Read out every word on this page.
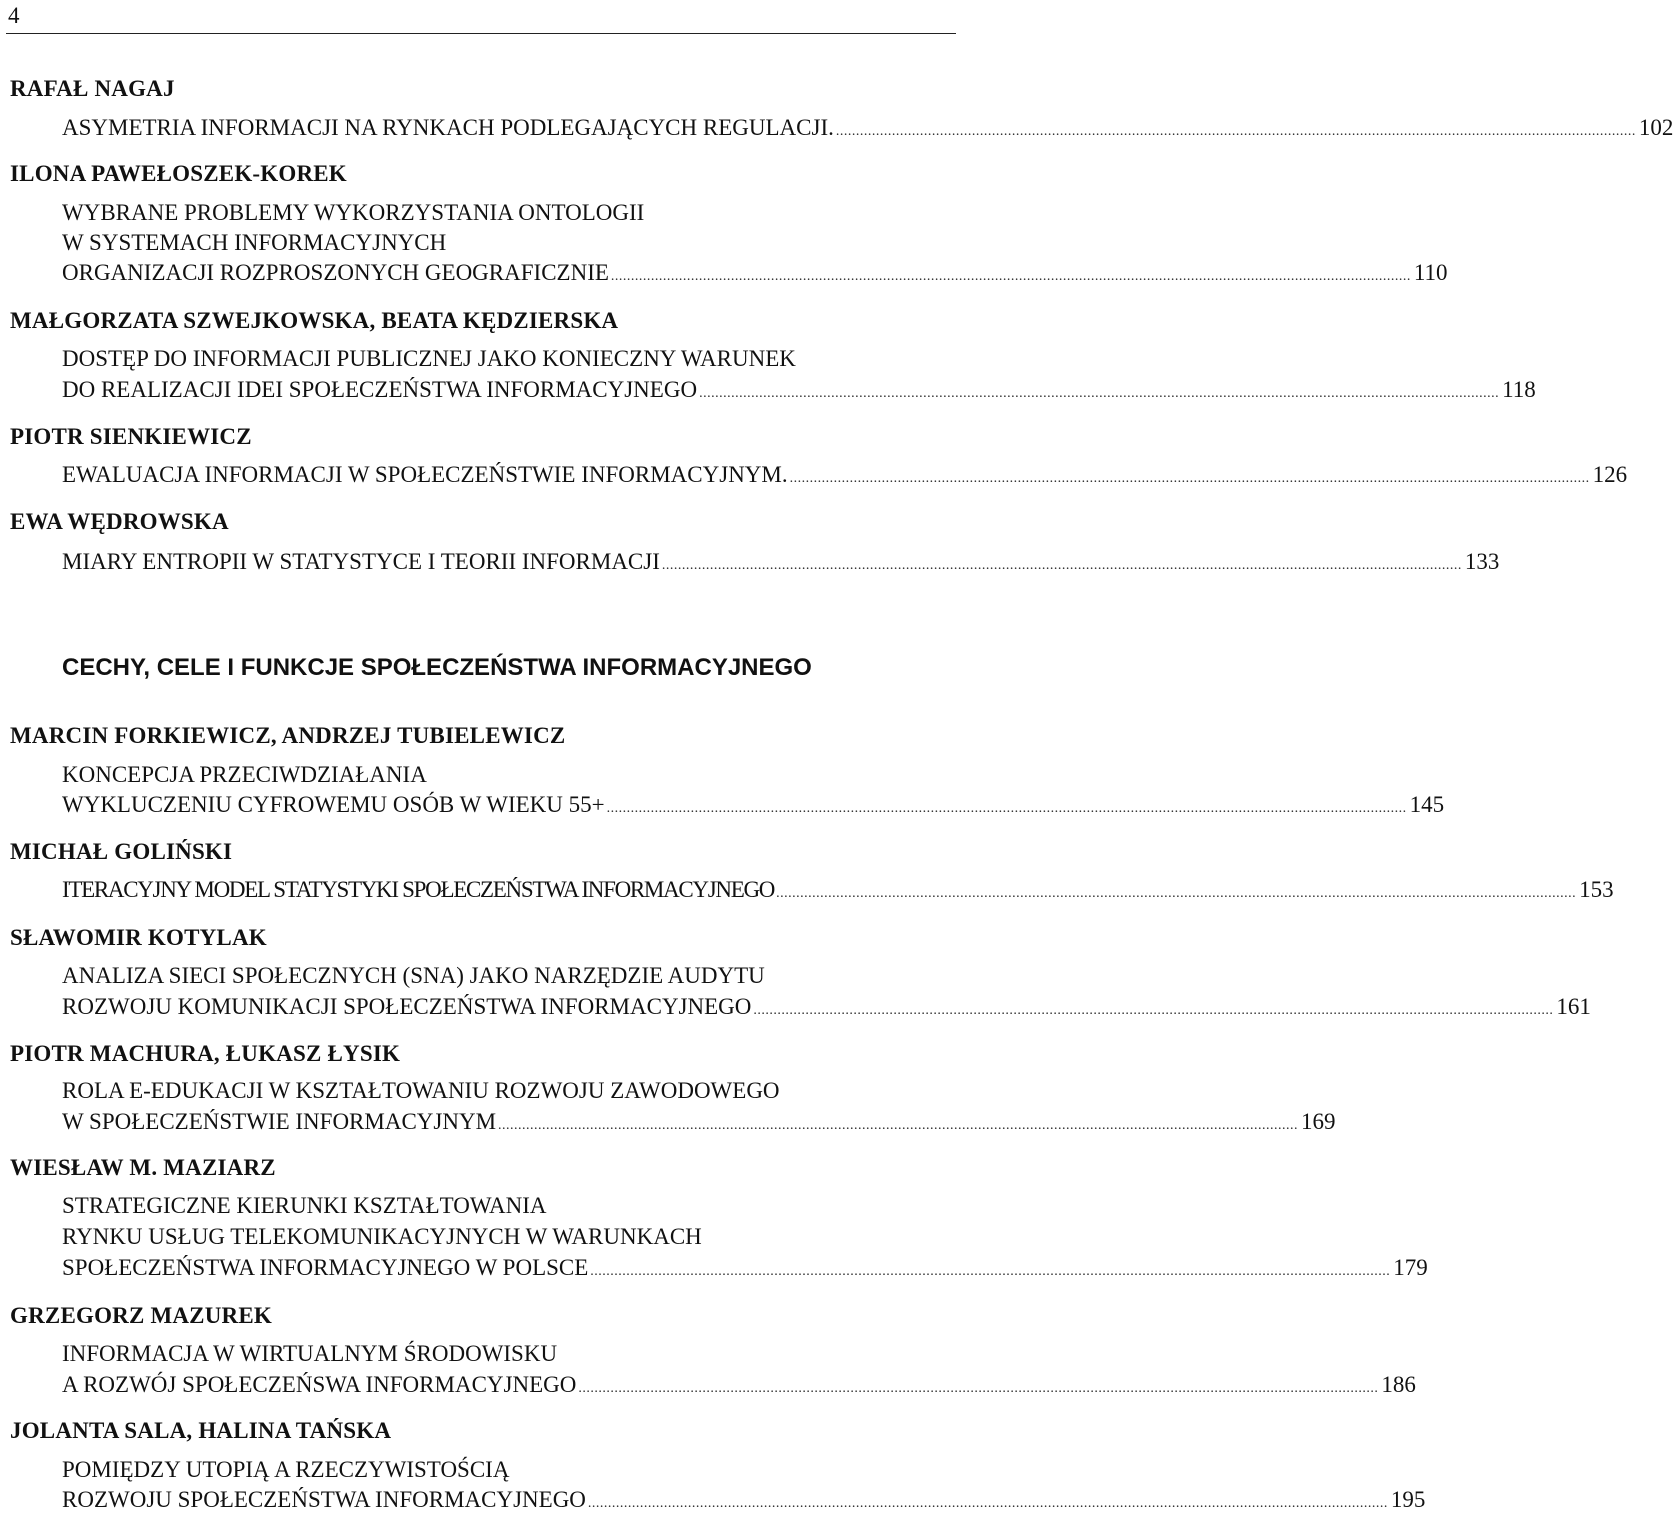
4
CECHY, CELE I FUNKCJE SPOŁECZEŃSTWA INFORMACYJNEGO
RAFAŁ NAGAJ
ASYMETRIA INFORMACJI NA RYNKACH PODLEGAJĄCYCH REGULACJI. ........................................................................................................................................................................................................ 102
ILONA PAWEŁOSZEK-KOREK
WYBRANE PROBLEMY WYKORZYSTANIA ONTOLOGII
W SYSTEMACH INFORMACYJNYCH
ORGANIZACJI ROZPROSZONYCH GEOGRAFICZNIE ........................................................................................................................................................................................................ 110
MAŁGORZATA SZWEJKOWSKA, BEATA KĘDZIERSKA
DOSTĘP DO INFORMACJI PUBLICZNEJ JAKO KONIECZNY WARUNEK
DO REALIZACJI IDEI SPOŁECZEŃSTWA INFORMACYJNEGO ........................................................................................................................................................................................................ 118
PIOTR SIENKIEWICZ
EWALUACJA INFORMACJI W SPOŁECZEŃSTWIE INFORMACYJNYM. ........................................................................................................................................................................................................ 126
EWA WĘDROWSKA
MIARY ENTROPII W STATYSTYCE I TEORII INFORMACJI ........................................................................................................................................................................................................ 133
MARCIN FORKIEWICZ, ANDRZEJ TUBIELEWICZ
KONCEPCJA PRZECIWDZIAŁANIA
WYKLUCZENIU CYFROWEMU OSÓB W WIEKU 55+ ........................................................................................................................................................................................................ 145
MICHAŁ GOLIŃSKI
ITERACYJNY MODEL STATYSTYKI SPOŁECZEŃSTWA INFORMACYJNEGO ........................................................................................................................................................................................................ 153
SŁAWOMIR KOTYLAK
ANALIZA SIECI SPOŁECZNYCH (SNA) JAKO NARZĘDZIE AUDYTU
ROZWOJU KOMUNIKACJI SPOŁECZEŃSTWA INFORMACYJNEGO ........................................................................................................................................................................................................ 161
PIOTR MACHURA, ŁUKASZ ŁYSIK
ROLA E-EDUKACJI W KSZTAŁTOWANIU ROZWOJU ZAWODOWEGO
W SPOŁECZEŃSTWIE INFORMACYJNYM ........................................................................................................................................................................................................ 169
WIESŁAW M. MAZIARZ
STRATEGICZNE KIERUNKI KSZTAŁTOWANIA
RYNKU USŁUG TELEKOMUNIKACYJNYCH W WARUNKACH
SPOŁECZEŃSTWA INFORMACYJNEGO W POLSCE ........................................................................................................................................................................................................ 179
GRZEGORZ MAZUREK
INFORMACJA W WIRTUALNYM ŚRODOWISKU
A ROZWÓJ SPOŁECZEŃSWA INFORMACYJNEGO ........................................................................................................................................................................................................ 186
JOLANTA SALA, HALINA TAŃSKA
POMIĘDZY UTOPIĄ A RZECZYWISTOŚCIĄ
ROZWOJU SPOŁECZEŃSTWA INFORMACYJNEGO ........................................................................................................................................................................................................ 195
